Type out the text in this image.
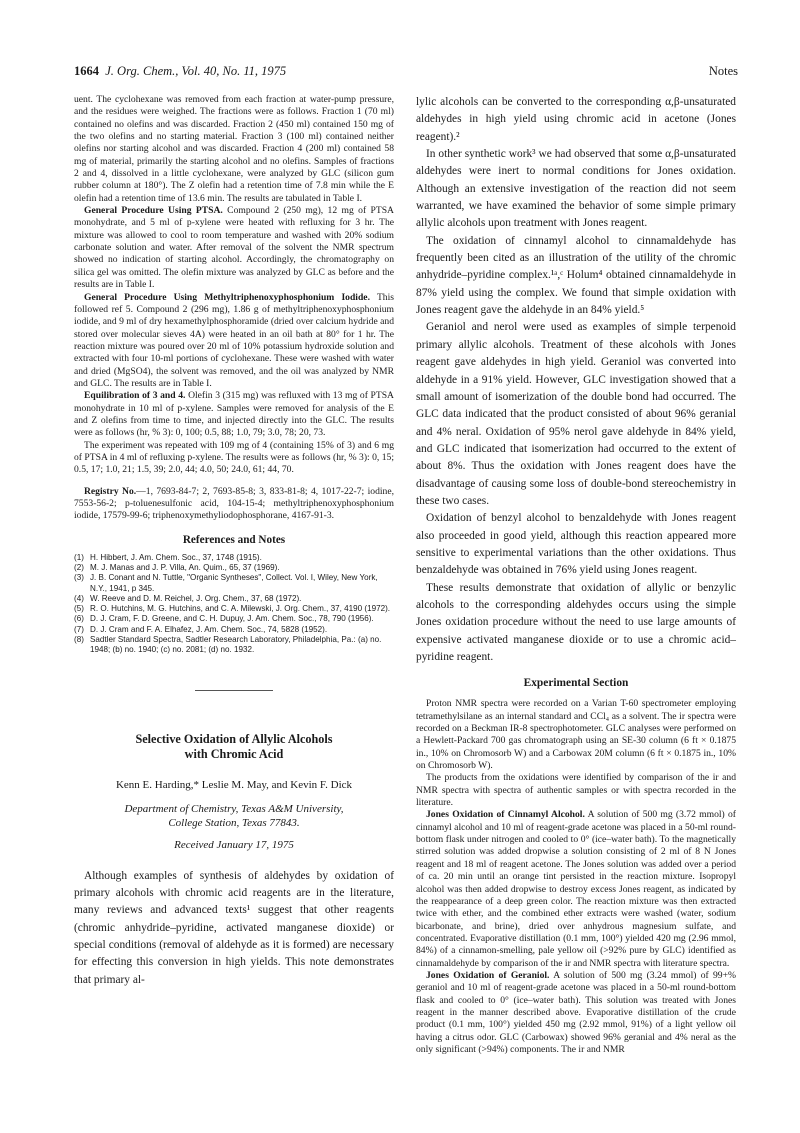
1664 J. Org. Chem., Vol. 40, No. 11, 1975	Notes

uent. The cyclohexane was removed from each fraction at water-pump pressure, and the residues were weighed. The fractions were as follows. Fraction 1 (70 ml) contained no olefins and was discarded. Fraction 2 (450 ml) contained 150 mg of the two olefins and no starting material. Fraction 3 (100 ml) contained neither olefins nor starting alcohol and was discarded. Fraction 4 (200 ml) contained 58 mg of material, primarily the starting alcohol and no olefins. Samples of fractions 2 and 4, dissolved in a little cyclohexane, were analyzed by GLC (silicon gum rubber column at 180°). The Z olefin had a retention time of 7.8 min while the E olefin had a retention time of 13.6 min. The results are tabulated in Table I.

General Procedure Using PTSA. Compound 2 (250 mg), 12 mg of PTSA monohydrate, and 5 ml of p-xylene were heated with refluxing for 3 hr. The mixture was allowed to cool to room temperature and washed with 20% sodium carbonate solution and water. After removal of the solvent the NMR spectrum showed no indication of starting alcohol. Accordingly, the chromatography on silica gel was omitted. The olefin mixture was analyzed by GLC as before and the results are in Table I.

General Procedure Using Methyltriphenoxyphosphonium Iodide. This followed ref 5. Compound 2 (296 mg), 1.86 g of methyltriphenoxyphosphonium iodide, and 9 ml of dry hexamethylphosphoramide (dried over calcium hydride and stored over molecular sieves 4A) were heated in an oil bath at 80° for 1 hr. The reaction mixture was poured over 20 ml of 10% potassium hydroxide solution and extracted with four 10-ml portions of cyclohexane. These were washed with water and dried (MgSO4), the solvent was removed, and the oil was analyzed by NMR and GLC. The results are in Table I.

Equilibration of 3 and 4. Olefin 3 (315 mg) was refluxed with 13 mg of PTSA monohydrate in 10 ml of p-xylene. Samples were removed for analysis of the E and Z olefins from time to time, and injected directly into the GLC. The results were as follows (hr, % 3): 0, 100; 0.5, 88; 1.0, 79; 3.0, 78; 20, 73.

The experiment was repeated with 109 mg of 4 (containing 15% of 3) and 6 mg of PTSA in 4 ml of refluxing p-xylene. The results were as follows (hr, % 3): 0, 15; 0.5, 17; 1.0, 21; 1.5, 39; 2.0, 44; 4.0, 50; 24.0, 61; 44, 70.

Registry No.—1, 7693-84-7; 2, 7693-85-8; 3, 833-81-8; 4, 1017-22-7; iodine, 7553-56-2; p-toluenesulfonic acid, 104-15-4; methyltriphenoxyphosphonium iodide, 17579-99-6; triphenoxymethyliodophosphorane, 4167-91-3.

References and Notes

(1) H. Hibbert, J. Am. Chem. Soc., 37, 1748 (1915).
(2) M. J. Manas and J. P. Villa, An. Quim., 65, 37 (1969).
(3) J. B. Conant and N. Tuttle, "Organic Syntheses", Collect. Vol. I, Wiley, New York, N.Y., 1941, p 345.
(4) W. Reeve and D. M. Reichel, J. Org. Chem., 37, 68 (1972).
(5) R. O. Hutchins, M. G. Hutchins, and C. A. Milewski, J. Org. Chem., 37, 4190 (1972).
(6) D. J. Cram, F. D. Greene, and C. H. Dupuy, J. Am. Chem. Soc., 78, 790 (1956).
(7) D. J. Cram and F. A. Elhafez, J. Am. Chem. Soc., 74, 5828 (1952).
(8) Sadtler Standard Spectra, Sadtler Research Laboratory, Philadelphia, Pa.: (a) no. 1948; (b) no. 1940; (c) no. 2081; (d) no. 1932.

Selective Oxidation of Allylic Alcohols

with Chromic Acid

Kenn E. Harding,* Leslie M. May, and Kevin F. Dick

Department of Chemistry, Texas A&M University,

College Station, Texas 77843.

Received January 17, 1975

Although examples of synthesis of aldehydes by oxidation of primary alcohols with chromic acid reagents are in the literature, many reviews and advanced texts¹ suggest that other reagents (chromic anhydride–pyridine, activated manganese dioxide) or special conditions (removal of aldehyde as it is formed) are necessary for effecting this conversion in high yields. This note demonstrates that primary al-

lylic alcohols can be converted to the corresponding α,β-unsaturated aldehydes in high yield using chromic acid in acetone (Jones reagent).²

In other synthetic work³ we had observed that some α,β-unsaturated aldehydes were inert to normal conditions for Jones oxidation. Although an extensive investigation of the reaction did not seem warranted, we have examined the behavior of some simple primary allylic alcohols upon treatment with Jones reagent.

The oxidation of cinnamyl alcohol to cinnamaldehyde has frequently been cited as an illustration of the utility of the chromic anhydride–pyridine complex.¹ᵃ,ᶜ Holum⁴ obtained cinnamaldehyde in 87% yield using the complex. We found that simple oxidation with Jones reagent gave the aldehyde in an 84% yield.⁵

Geraniol and nerol were used as examples of simple terpenoid primary allylic alcohols. Treatment of these alcohols with Jones reagent gave aldehydes in high yield. Geraniol was converted into aldehyde in a 91% yield. However, GLC investigation showed that a small amount of isomerization of the double bond had occurred. The GLC data indicated that the product consisted of about 96% geranial and 4% neral. Oxidation of 95% nerol gave aldehyde in 84% yield, and GLC indicated that isomerization had occurred to the extent of about 8%. Thus the oxidation with Jones reagent does have the disadvantage of causing some loss of double-bond stereochemistry in these two cases.

Oxidation of benzyl alcohol to benzaldehyde with Jones reagent also proceeded in good yield, although this reaction appeared more sensitive to experimental variations than the other oxidations. Thus benzaldehyde was obtained in 76% yield using Jones reagent.

These results demonstrate that oxidation of allylic or benzylic alcohols to the corresponding aldehydes occurs using the simple Jones oxidation procedure without the need to use large amounts of expensive activated manganese dioxide or to use a chromic acid–pyridine reagent.

Experimental Section

Proton NMR spectra were recorded on a Varian T-60 spectrometer employing tetramethylsilane as an internal standard and CCl₄ as a solvent. The ir spectra were recorded on a Beckman IR-8 spectrophotometer. GLC analyses were performed on a Hewlett-Packard 700 gas chromatograph using an SE-30 column (6 ft × 0.1875 in., 10% on Chromosorb W) and a Carbowax 20M column (6 ft × 0.1875 in., 10% on Chromosorb W).

The products from the oxidations were identified by comparison of the ir and NMR spectra with spectra of authentic samples or with spectra recorded in the literature.

Jones Oxidation of Cinnamyl Alcohol. A solution of 500 mg (3.72 mmol) of cinnamyl alcohol and 10 ml of reagent-grade acetone was placed in a 50-ml round-bottom flask under nitrogen and cooled to 0° (ice–water bath). To the magnetically stirred solution was added dropwise a solution consisting of 2 ml of 8 N Jones reagent and 18 ml of reagent acetone. The Jones solution was added over a period of ca. 20 min until an orange tint persisted in the reaction mixture. Isopropyl alcohol was then added dropwise to destroy excess Jones reagent, as indicated by the reappearance of a deep green color. The reaction mixture was then extracted twice with ether, and the combined ether extracts were washed (water, sodium bicarbonate, and brine), dried over anhydrous magnesium sulfate, and concentrated. Evaporative distillation (0.1 mm, 100°) yielded 420 mg (2.96 mmol, 84%) of a cinnamon-smelling, pale yellow oil (>92% pure by GLC) identified as cinnamaldehyde by comparison of the ir and NMR spectra with literature spectra.

Jones Oxidation of Geraniol. A solution of 500 mg (3.24 mmol) of 99+% geraniol and 10 ml of reagent-grade acetone was placed in a 50-ml round-bottom flask and cooled to 0° (ice–water bath). This solution was treated with Jones reagent in the manner described above. Evaporative distillation of the crude product (0.1 mm, 100°) yielded 450 mg (2.92 mmol, 91%) of a light yellow oil having a citrus odor. GLC (Carbowax) showed 96% geranial and 4% neral as the only significant (>94%) components. The ir and NMR
